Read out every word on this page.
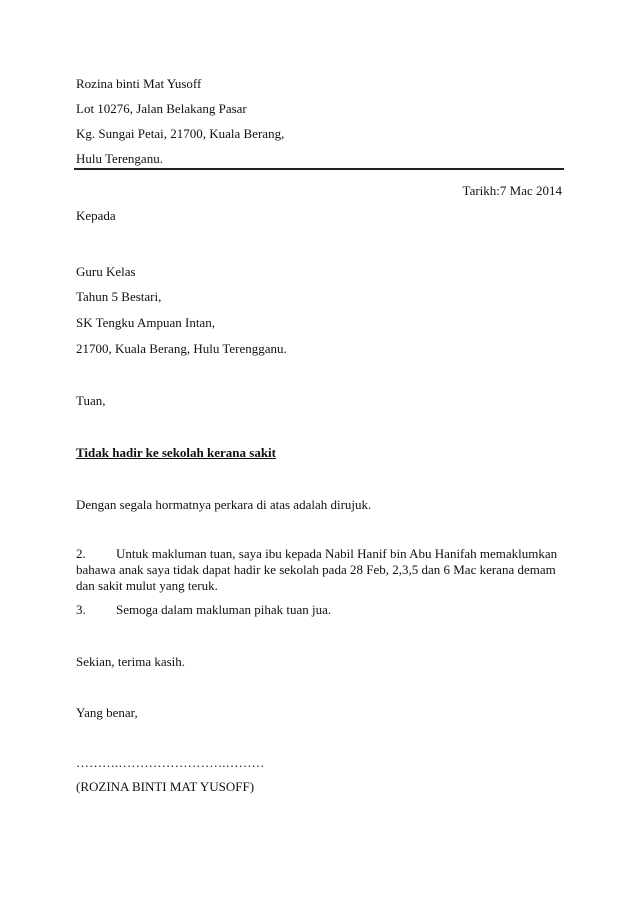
Rozina binti Mat Yusoff
Lot 10276, Jalan Belakang Pasar
Kg. Sungai Petai, 21700, Kuala Berang,
Hulu Terenganu.
Tarikh:7 Mac 2014
Kepada
Guru Kelas
Tahun 5 Bestari,
SK Tengku Ampuan Intan,
21700, Kuala Berang, Hulu Terengganu.
Tuan,
Tidak hadir ke sekolah kerana sakit
Dengan segala hormatnya perkara di atas adalah dirujuk.
2. Untuk makluman tuan, saya ibu kepada Nabil Hanif bin Abu Hanifah memaklumkan
bahawa anak saya tidak dapat hadir ke sekolah pada 28 Feb, 2,3,5 dan 6 Mac kerana demam
dan sakit mulut yang teruk.
3. Semoga dalam makluman pihak tuan jua.
Sekian, terima kasih.
Yang benar,
……….…………………….………
(ROZINA BINTI MAT YUSOFF)
